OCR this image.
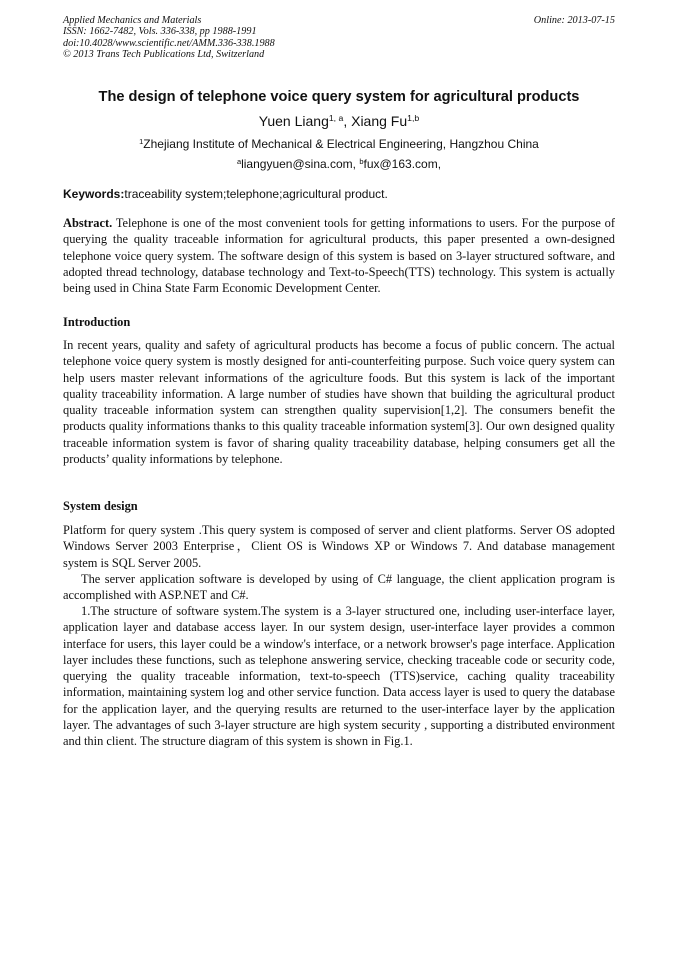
Applied Mechanics and Materials
ISSN: 1662-7482, Vols. 336-338, pp 1988-1991
doi:10.4028/www.scientific.net/AMM.336-338.1988
© 2013 Trans Tech Publications Ltd, Switzerland
Online: 2013-07-15
The design of telephone voice query system for agricultural products
Yuen Liang$^{1, a}$, Xiang Fu$^{1,b}$
$^1$Zhejiang Institute of Mechanical & Electrical Engineering, Hangzhou China
$^a$liangyuen@sina.com, $^b$fux@163.com,
Keywords:traceability system;telephone;agricultural product.
Abstract. Telephone is one of the most convenient tools for getting informations to users. For the purpose of querying the quality traceable information for agricultural products, this paper presented a own-designed telephone voice query system. The software design of this system is based on 3-layer structured software, and adopted thread technology, database technology and Text-to-Speech(TTS) technology. This system is actually being used in China State Farm Economic Development Center.
Introduction
In recent years, quality and safety of agricultural products has become a focus of public concern. The actual telephone voice query system is mostly designed for anti-counterfeiting purpose. Such voice query system can help users master relevant informations of the agriculture foods. But this system is lack of the important quality traceability information. A large number of studies have shown that building the agricultural product quality traceable information system can strengthen quality supervision[1,2]. The consumers benefit the products quality informations thanks to this quality traceable information system[3]. Our own designed quality traceable information system is favor of sharing quality traceability database, helping consumers get all the products’ quality informations by telephone.
System design
Platform for query system .This query system is composed of server and client platforms. Server OS adopted Windows Server 2003 Enterprise，Client OS is Windows XP or Windows 7. And database management system is SQL Server 2005.
The server application software is developed by using of C# language, the client application program is accomplished with ASP.NET and C#.
1.The structure of software system.The system is a 3-layer structured one, including user-interface layer, application layer and database access layer. In our system design, user-interface layer provides a common interface for users, this layer could be a window's interface, or a network browser's page interface. Application layer includes these functions, such as telephone answering service, checking traceable code or security code, querying the quality traceable information, text-to-speech (TTS)service, caching quality traceability information, maintaining system log and other service function. Data access layer is used to query the database for the application layer, and the querying results are returned to the user-interface layer by the application layer. The advantages of such 3-layer structure are high system security , supporting a distributed environment and thin client. The structure diagram of this system is shown in Fig.1.
